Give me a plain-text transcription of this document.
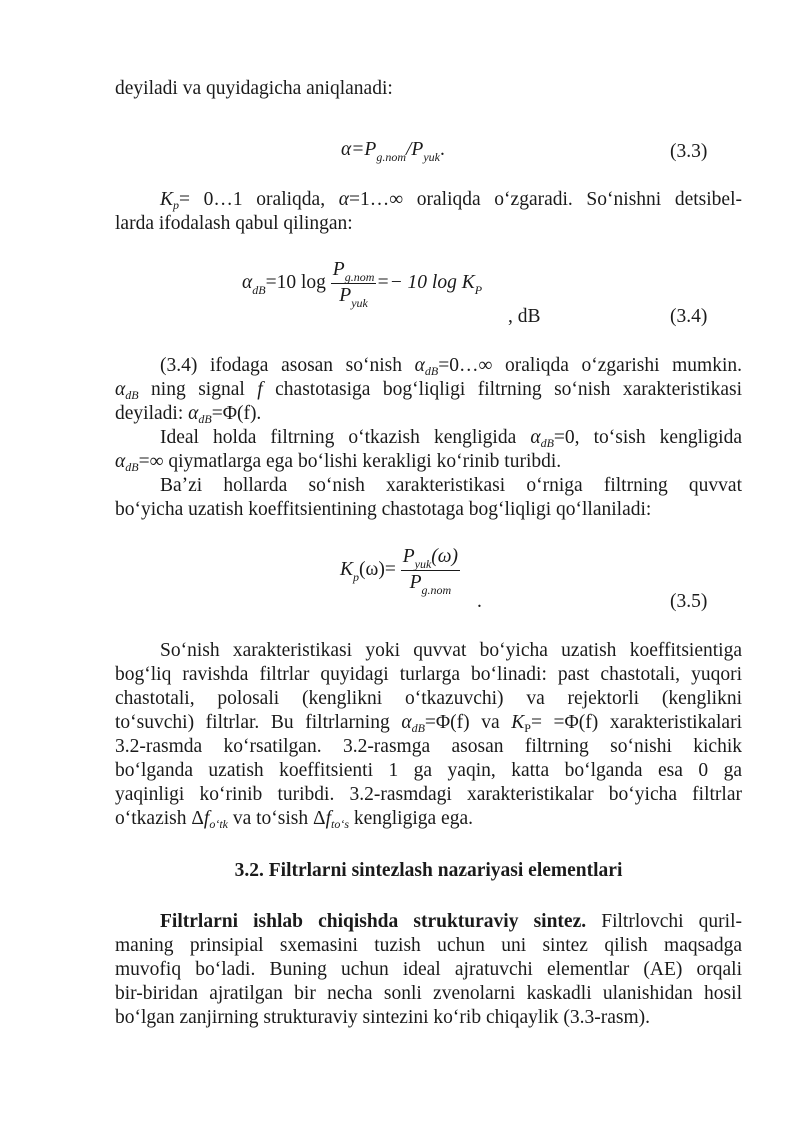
deyiladi va quyidagicha aniqlanadi:
$\alpha=P_{g.nom}/P_{yuk}$.	(3.3)
$K_p=$ 0…1 oraliqda, α=1…∞ oraliqda oʻzgaradi. Soʻnishni detsibel-
larda ifodalash qabul qilingan:
$\alpha_{dB}=10$ $\log \frac{P_{g.nom}}{P_{yuk}} =- 10$ $\log K_P$
, dB	(3.4)
(3.4) ifodaga asosan soʻnish $\alpha_{dB}=0\dots\infty$ oraliqda oʻzgarishi mumkin.
$\alpha_{dB}$ ning signal f chastotasiga bogʻliqligi filtrning soʻnish xarakteristikasi
deyiladi: $\alpha_{dB}=\Phi(f)$.
Ideal holda filtrning oʻtkazish kengligida $\alpha_{dB}=0$, toʻsish kengligida
$\alpha_{dB}=\infty$ qiymatlarga ega boʻlishi kerakligi koʻrinib turibdi.
Baʼzi hollarda soʻnish xarakteristikasi oʻrniga filtrning quvvat
boʻyicha uzatish koeffitsientining chastotaga bogʻliqligi qoʻllaniladi:
$K_p(\omega)= \frac{P_{yuk}(\omega)}{P_{g.nom}}$
.	(3.5)
Soʻnish xarakteristikasi yoki quvvat boʻyicha uzatish koeffitsientiga
bogʻliq ravishda filtrlar quyidagi turlarga boʻlinadi: past chastotali, yuqori
chastotali, polosali (kenglikni oʻtkazuvchi) va rejektorli (kenglikni
toʻsuvchi) filtrlar. Bu filtrlarning $\alpha_{dB}=\Phi(f)$ va $K_P= =\Phi(f)$ xarakteristikalari
3.2-rasmda koʻrsatilgan. 3.2-rasmga asosan filtrning soʻnishi kichik
boʻlganda uzatish koeffitsienti 1 ga yaqin, katta boʻlganda esa 0 ga
yaqinligi koʻrinib turibdi. 3.2-rasmdagi xarakteristikalar boʻyicha filtrlar
oʻtkazish $\Delta f_{oʻtk}$ va toʻsish $\Delta f_{toʻs}$ kengligiga ega.
3.2. Filtrlarni sintezlash nazariyasi elementlari
Filtrlarni ishlab chiqishda strukturaviy sintez. Filtrlovchi quril-
maning prinsipial sxemasini tuzish uchun uni sintez qilish maqsadga
muvofiq boʻladi. Buning uchun ideal ajratuvchi elementlar (AE) orqali
bir-biridan ajratilgan bir necha sonli zvenolarni kaskadli ulanishidan hosil
boʻlgan zanjirning strukturaviy sintezini koʻrib chiqaylik (3.3-rasm).
